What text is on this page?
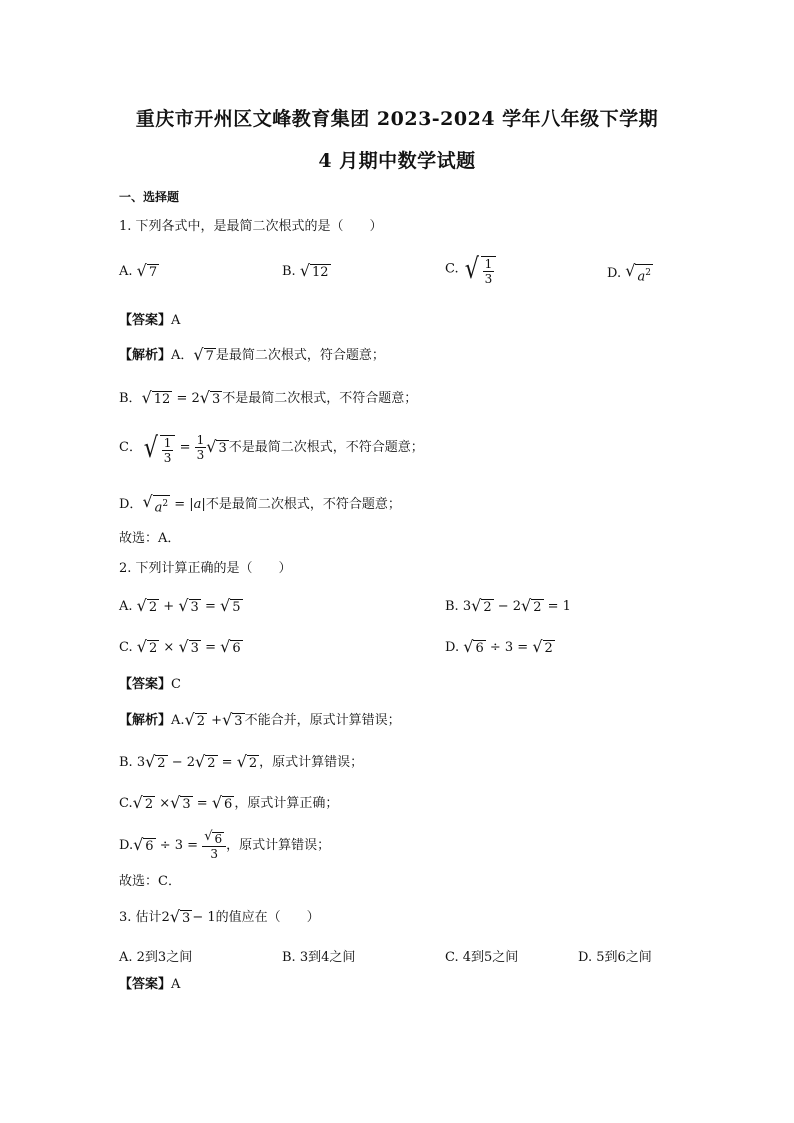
重庆市开州区文峰教育集团 2023-2024 学年八年级下学期
4 月期中数学试题
一、选择题
1. 下列各式中，是最简二次根式的是（　　）
A. √ 7	B. √ 12	C. √ $\frac{1}{3}$	D. √ $a^2$
【答案】A
【解析】A． √ 7 是最简二次根式，符合题意；
B． √ 12 = 2 √ 3 不是最简二次根式，不符合题意；
C． √ $\frac{1}{3} = \frac{1}{3}$ √ 3 不是最简二次根式，不符合题意；
D． √ $a^2 = |a|$不是最简二次根式，不符合题意；
故选：A．
2. 下列计算正确的是（　　）
A. √ 2 + √ 3 = √ 5	B. 3 √ 2 − 2 √ 2 = 1
C. √ 2 × √ 3 = √ 6	D. √ 6 ÷ 3 = √ 2
【答案】C
【解析】A. √ 2 + √ 3 不能合并，原式计算错误；
B. 3 √ 2 − 2 √ 2 = √ 2 ，原式计算错误；
C. √ 2 × √ 3 = √ 6 ，原式计算正确；
D. √ $6 \div 3 = \frac{√ 6}{3}$ ，原式计算错误；
故选：C．
3. 估计2 √ 3 − 1的值应在（　　）
A. 2到3之间	B. 3到4之间	C. 4到5之间	D. 5到6之间
【答案】A
